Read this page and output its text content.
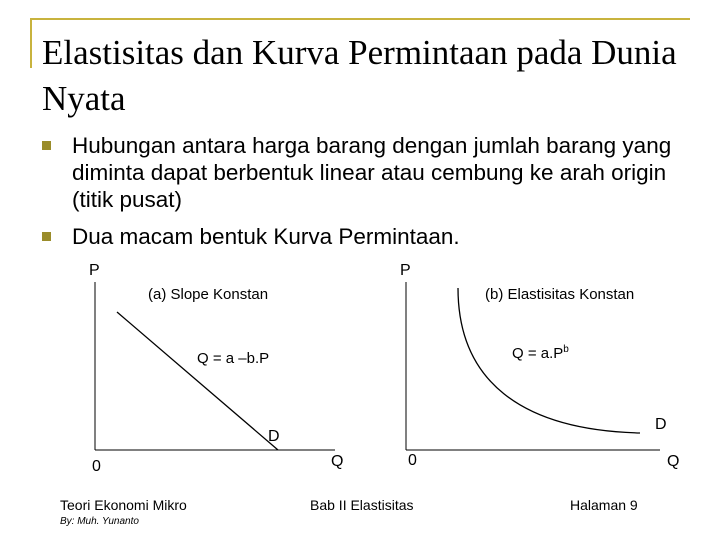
Elastisitas dan Kurva Permintaan pada Dunia Nyata
Hubungan antara harga barang dengan jumlah barang yang diminta dapat berbentuk linear atau cembung ke arah origin (titik pusat)
Dua macam bentuk Kurva Permintaan.
P
(a) Slope Konstan
Q = a –b.P
D
Q
0
P
(b) Elastisitas Konstan
$Q = a.P^b$
D
Q
0
Teori Ekonomi Mikro
By: Muh. Yunanto
Bab II Elastisitas	Halaman 9
